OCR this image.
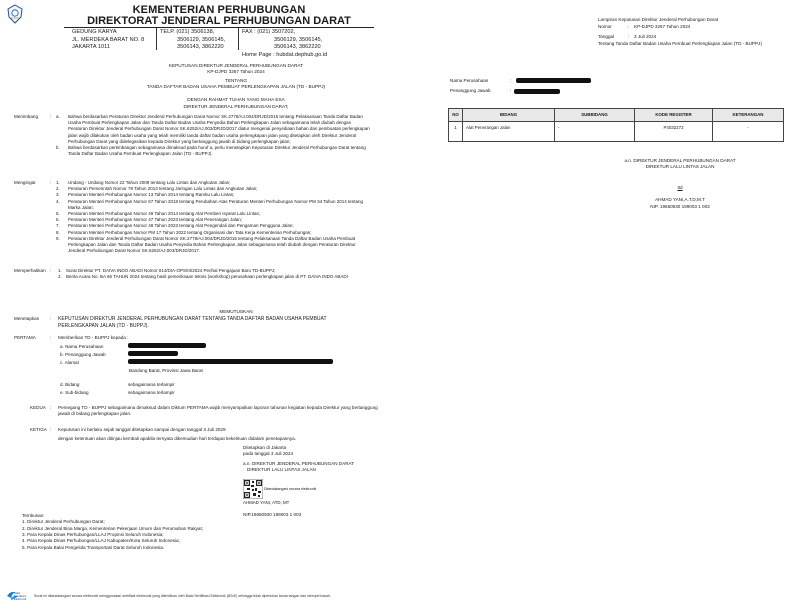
KEMENTERIAN PERHUBUNGAN
DIREKTORAT JENDERAL PERHUBUNGAN DARAT
GEDUNG KARYA
JL. MERDEKA BARAT NO. 8
JAKARTA 1011
TELP. (021) 3506138,
3506129, 3506145,
3506143, 3862220
FAX : (021) 3507202,
3506129, 3506145,
3506143, 3862220
Home Page : hubdat.dephub.go.id
Lampiran Keputusan Direktur Jenderal Perhubungan Darat
Nomor	:	KP-DJPD 3267 Tahun 2024
Tanggal	:	3 Juli 2024
Tentang Tanda Daftar Badan Usaha Pembuat Perlengkapan Jalan (TD - BUPPJ)
Nama Perusahaan	:
Penanggung Jawab	:
NO	BIDANG	SUBBIDANG	KODE REGISTER	KETERANGAN
1	Alat Penerangan Jalan	-	P4032272	-
a.n. DIREKTUR JENDERAL PERHUBUNGAN DARAT
DIREKTUR LALU LINTAS JALAN
ttd
AHMAD YANI,A.T.D,M.T
NIP. 19650930 199003 1 003
KEPUTUSAN DIREKTUR JENDERAL PERHUBUNGAN DARAT
KP-DJPD 3267 Tahun 2024
TENTANG
TANDA DAFTAR BADAN USAHA PEMBUAT PERLENGKAPAN JALAN (TD - BUPPJ)
DENGAN RAHMAT TUHAN YANG MAHA ESA
DIREKTUR JENDERAL PERHUBUNGAN DARAT,
Menimbang	: a.	Bahwa berdasarkan Peraturan Direktur Jenderal Perhubungan Darat Nomor SK.2778/AJ.004/DRJD/2015 tentang Pelaksanaan Tanda Daftar Badan Usaha Pembuat Perlengkapan Jalan dan Tanda Daftar Badan Usaha Penyedia Bahan Perlengkapan Jalan sebagaimana telah diubah dengan Peraturan Direktur Jenderal Perhubungan Darat Nomor SK.6252/AJ.003/DRJD/2017 diatur mengenai penyediaan bahan dan pembuatan perlengkapan jalan wajib dilakukan oleh badan usaha yang telah memiliki tanda daftar badan usaha perlengkapan jalan yang ditetapkan oleh Direktur Jenderal Perhubungan Darat yang didelegasikan kepada Direktur yang bertanggung jawab di bidang perlengkapan jalan;
b.	Bahwa berdasarkan pertimbangan sebagaimana dimaksud pada huruf a, perlu menetapkan Keputusan Direktur Jenderal Perhubungan Darat tentang Tanda Daftar Badan Usaha Pembuat Perlengkapan Jalan (TD - BUPPJ).
Mengingat	: 1.	Undang - Undang Nomor 22 Tahun 2009 tentang Lalu Lintas dan Angkutan Jalan;
2.	Peraturan Pemerintah Nomor 79 Tahun 2013 tentang Jaringan Lalu Lintas dan Angkutan Jalan;
3.	Peraturan Menteri Perhubungan Nomor 13 Tahun 2014 tentang Rambu Lalu Lintas;
4.	Peraturan Menteri Perhubungan Nomor 67 Tahun 2018 tentang Perubahan Atas Peraturan Menteri Perhubungan Nomor PM 34 Tahun 2014 tentang Marka Jalan;
5.	Peraturan Menteri Perhubungan Nomor 49 Tahun 2014 tentang Alat Pemberi Isyarat Lalu Lintas;
6.	Peraturan Menteri Perhubungan Nomor 47 Tahun 2023 tentang Alat Penerangan Jalan;
7.	Peraturan Menteri Perhubungan Nomor 48 Tahun 2023 tentang Alat Pengendali dan Pengaman Pengguna Jalan;
8.	Peraturan Menteri Perhubungan Nomor PM 17 Tahun 2022 tentang Organisasi dan Tata Kerja Kementerian Perhubungan;
9.	Peraturan Direktur Jenderal Perhubungan Darat Nomor SK.2778/AJ.004/DRJD/2015 tentang Pelaksanaan Tanda Daftar Badan Usaha Pembuat Perlengkapan Jalan dan Tanda Daftar Badan Usaha Penyedia Bahan Perlengkapan Jalan sebagaimana telah diubah dengan Peraturan Direktur Jenderal Perhubungan Darat Nomor SK.6252/AJ.003/DRJD/2017.
Memperhatikan : 1. Surat Direktur PT. DAIVA INDO ABADI Nomor 014/DIA-OPS/III/2024 Perihal Pengajuan Baru TD-BUPPJ;
2. Berita Acara No. BA 66 TAHUN 2024 tentang hasil pemeriksaan teknis (workshop) perusahaan perlengkapan jalan di PT. DAIVA INDO ABADI
MEMUTUSKAN
Menetapkan : KEPUTUSAN DIREKTUR JENDERAL PERHUBUNGAN DARAT TENTANG TANDA DAFTAR BADAN USAHA PEMBUAT PERLENGKAPAN JALAN (TD - BUPPJ).
PERTAMA	: Memberikan TD - BUPPJ kepada :
a. Nama Perusahaan
b. Penanggung Jawab
c. Alamat
Bandung Barat, Provinsi Jawa Barat
d. Bidang	sebagaimana terlampir
e. Sub-bidang	sebagaimana terlampir
KEDUA : Pemegang TD - BUPPJ sebagaimana dimaksud dalam Diktum PERTAMA wajib menyampaikan laporan tahunan kegiatan kepada Direktur yang bertanggung jawab di bidang perlengkapan jalan.
KETIGA : Keputusan ini berlaku sejak tanggal ditetapkan sampai dengan tanggal 3 Juli 2029
dengan ketentuan akan ditinjau kembali apabila ternyata dikemudian hari terdapat kekeliruan didalam penetapannya.
Ditetapkan di Jakarta
pada tanggal 3 Juli 2024
a.n. DIREKTUR JENDERAL PERHUBUNGAN DARAT
DIREKTUR LALU LINTAS JALAN
Ditandatangani secara elektronik
AHMAD YANI, ATD, MT
NIP.19650930 199003 1 003
Tembusan:
1. Direktur Jenderal Perhubungan Darat;
2. Direktur Jenderal Bina Marga, Kementerian Pekerjaan Umum dan Perumahan Rakyat;
3. Para Kepala Dinas Perhubungan/LLAJ Propinsi Seluruh Indonesia;
4. Para Kepala Dinas Perhubungan/LLAJ Kabupaten/Kota Seluruh Indonesia;
5. Para Kepala Balai Pengelola Transportasi Darat Seluruh Indonesia.
Balai Sertifikasi Elektronik
Surat ini ditandatangani secara elektronik menggunakan sertifikat elektronik yang diterbitkan oleh Balai Sertifikasi Elektronik (BSrE) sehingga tidak diperlukan tanda tangan dan stempel basah.
